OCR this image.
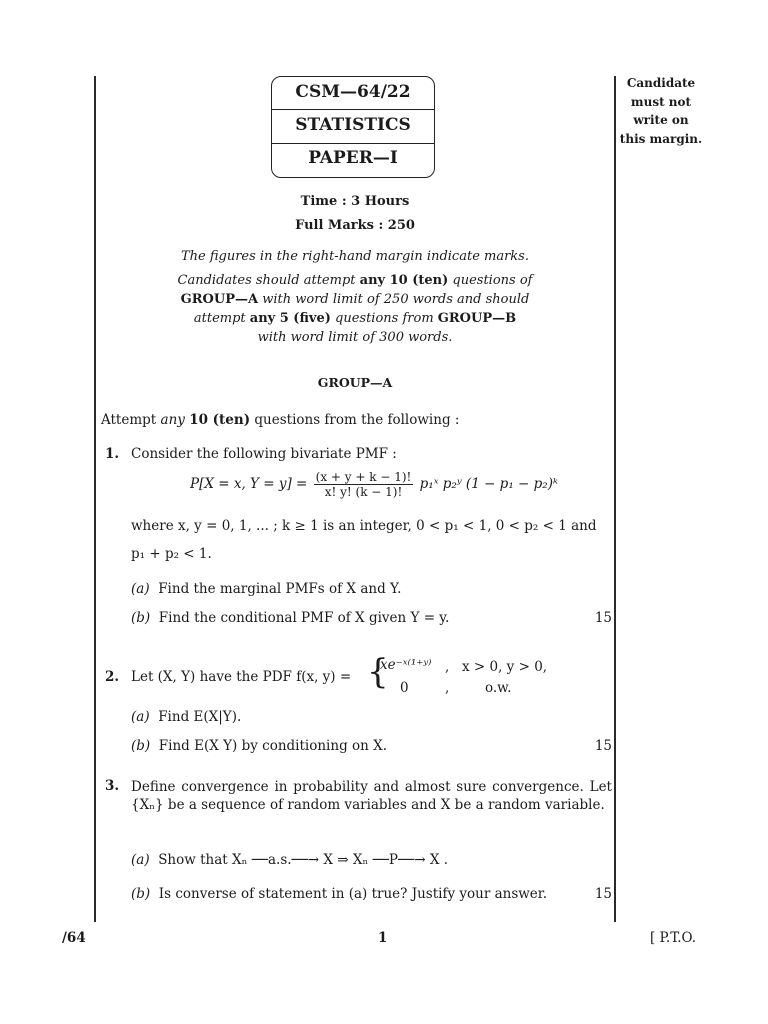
Candidate
must not
write on
this margin.
CSM—64/22
STATISTICS
PAPER—I
Time : 3 Hours
Full Marks : 250
The figures in the right-hand margin indicate marks.
Candidates should attempt any 10 (ten) questions of
GROUP—A with word limit of 250 words and should
attempt any 5 (five) questions from GROUP—B
with word limit of 300 words.
GROUP—A
Attempt any 10 (ten) questions from the following :
1. Consider the following bivariate PMF :
P[X = x, $Y = y] = \frac{(x + y + k - 1)!}{x! y! (k - 1)!}$ p₁ˣ p₂ʸ (1 − p₁ − p₂)ᵏ
where x, y = 0, 1, ... ; k ≥ 1 is an integer, 0 < p₁ < 1, 0 < p₂ < 1 and
p₁ + p₂ < 1.
(a) Find the marginal PMFs of X and Y.
(b) Find the conditional PMF of X given Y = y.	15
2. Let (X, Y) have the PDF f(x, y) = {
xe⁻ˣ⁽¹⁺ʸ⁾ , x > 0, y > 0,
0	,	o.w.
(a) Find E(X|Y).
(b) Find E(X Y) by conditioning on X.	15
3. Define convergence in probability and almost sure convergence. Let {Xₙ} be a sequence of random variables and X be a random variable.
(a) Show that Xₙ ──a.s.──→ X ⇒ Xₙ ──P──→ X .
(b) Is converse of statement in (a) true? Justify your answer.	15
/64	1	[ P.T.O.
